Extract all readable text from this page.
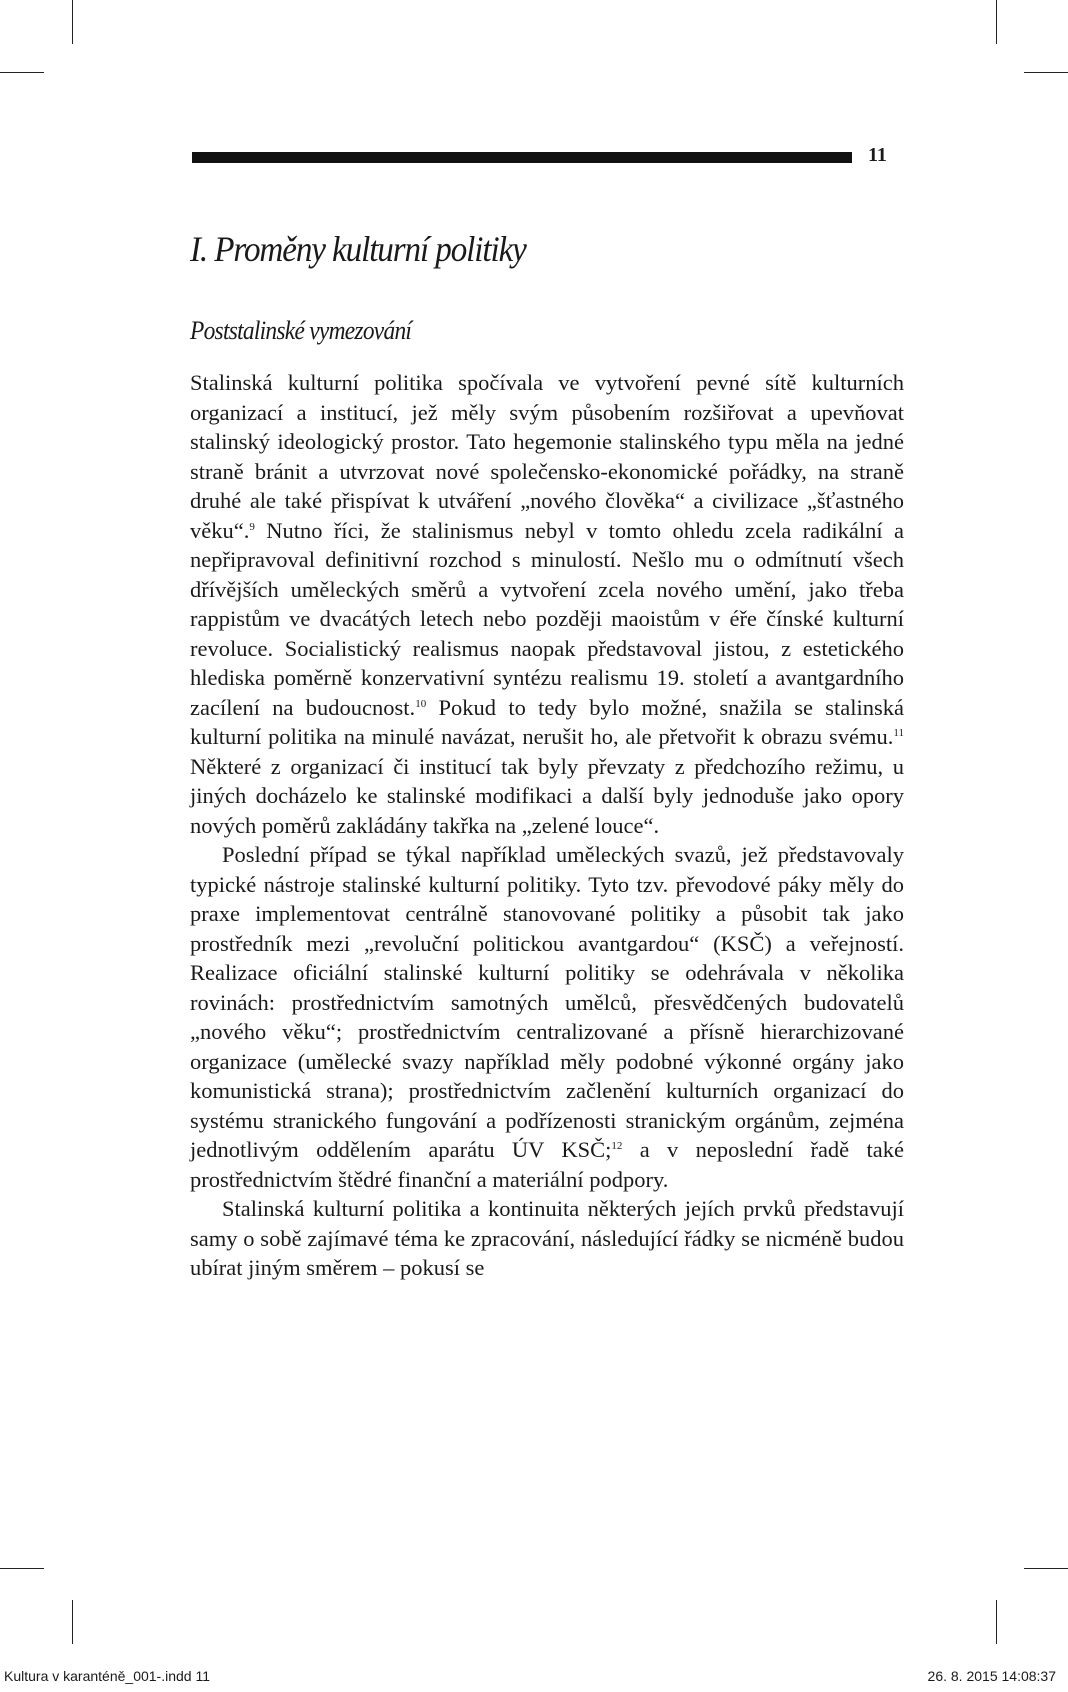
11
I. Proměny kulturní politiky
Poststalinské vymezování

Stalinská kulturní politika spočívala ve vytvoření pevné sítě kulturních organizací a institucí, jež měly svým působením rozšiřovat a upevňovat stalinský ideologický prostor. Tato hegemonie stalinského typu měla na jedné straně bránit a utvrzovat nové společensko-ekonomické pořádky, na straně druhé ale také přispívat k utváření „nového člověka“ a civilizace „šťastného věku“.$^9$ Nutno říci, že stalinismus nebyl v tomto ohledu zcela radikální a nepřipravoval definitivní rozchod s minulostí. Nešlo mu o odmítnutí všech dřívějších uměleckých směrů a vytvoření zcela nového umění, jako třeba rappistům ve dvacátých letech nebo později maoistům v éře čínské kulturní revoluce. Socialistický realismus naopak představoval jistou, z estetického hlediska poměrně konzervativní syntézu realismu 19. století a avantgardního zacílení na budoucnost.$^{10}$ Pokud to tedy bylo možné, snažila se stalinská kulturní politika na minulé navázat, nerušit ho, ale přetvořit k obrazu svému.$^{11}$ Některé z organizací či institucí tak byly převzaty z předchozího režimu, u jiných docházelo ke stalinské modifikaci a další byly jednoduše jako opory nových poměrů zakládány takřka na „zelené louce“.

Poslední případ se týkal například uměleckých svazů, jež představovaly typické nástroje stalinské kulturní politiky. Tyto tzv. převodové páky měly do praxe implementovat centrálně stanovované politiky a působit tak jako prostředník mezi „revoluční politickou avantgardou“ (KSČ) a veřejností. Realizace oficiální stalinské kulturní politiky se odehrávala v několika rovinách: prostřednictvím samotných umělců, přesvědčených budovatelů „nového věku“; prostřednictvím centralizované a přísně hierarchizované organizace (umělecké svazy například měly podobné výkonné orgány jako komunistická strana); prostřednictvím začlenění kulturních organizací do systému stranického fungování a podřízenosti stranickým orgánům, zejména jednotlivým oddělením aparátu ÚV KSČ;$^{12}$ a v neposlední řadě také prostřednictvím štědré finanční a materiální podpory.

Stalinská kulturní politika a kontinuita některých jejích prvků představují samy o sobě zajímavé téma ke zpracování, následující řádky se nicméně budou ubírat jiným směrem – pokusí se

Kultura v karanténě_001-.indd 11	26. 8. 2015 14:08:37
